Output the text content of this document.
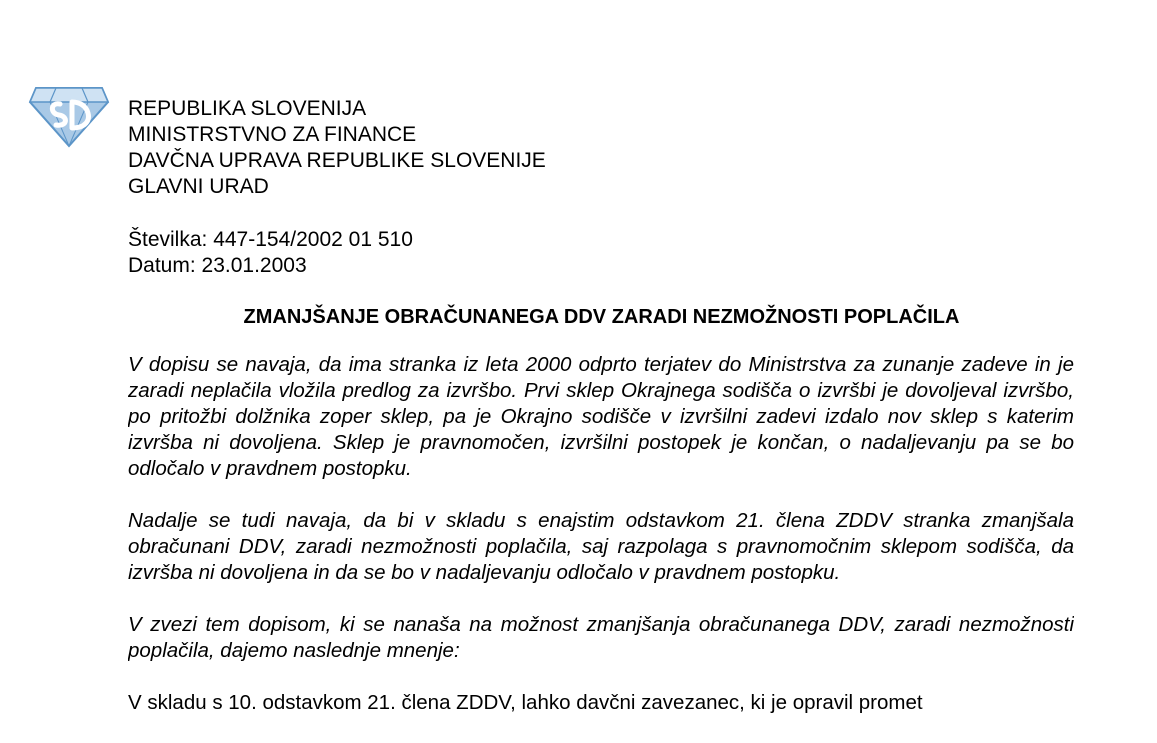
REPUBLIKA SLOVENIJA
MINISTRSTVNO ZA FINANCE
DAVČNA UPRAVA REPUBLIKE SLOVENIJE
GLAVNI URAD
Številka: 447-154/2002 01 510
Datum: 23.01.2003
ZMANJŠANJE OBRAČUNANEGA DDV ZARADI NEZMOŽNOSTI POPLAČILA

V dopisu se navaja, da ima stranka iz leta 2000 odprto terjatev do Ministrstva za zunanje zadeve in je zaradi neplačila vložila predlog za izvršbo. Prvi sklep Okrajnega sodišča o izvršbi je dovoljeval izvršbo, po pritožbi dolžnika zoper sklep, pa je Okrajno sodišče v izvršilni zadevi izdalo nov sklep s katerim izvršba ni dovoljena. Sklep je pravnomočen, izvršilni postopek je končan, o nadaljevanju pa se bo odločalo v pravdnem postopku.

Nadalje se tudi navaja, da bi v skladu s enajstim odstavkom 21. člena ZDDV stranka zmanjšala obračunani DDV, zaradi nezmožnosti poplačila, saj razpolaga s pravnomočnim sklepom sodišča, da izvršba ni dovoljena in da se bo v nadaljevanju odločalo v pravdnem postopku.

V zvezi tem dopisom, ki se nanaša na možnost zmanjšanja obračunanega DDV, zaradi nezmožnosti poplačila, dajemo naslednje mnenje:

V skladu s 10. odstavkom 21. člena ZDDV, lahko davčni zavezanec, ki je opravil promet
